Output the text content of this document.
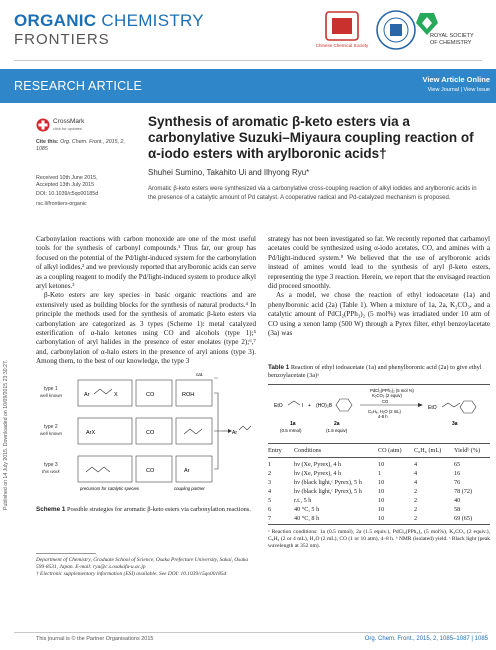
ORGANIC CHEMISTRY
FRONTIERS	Chinese Chemical Society
ROYAL SOCIETY
OF CHEMISTRY
RESEARCH ARTICLE	View Article Online
View Journal | View Issue
Published on 14 July 2015. Downloaded on 10/09/2015 23:30:27.
CrossMark
click for updates
Cite this: Org. Chem. Front., 2015, 2, 1085
Received 10th June 2015,
Accepted 13th July 2015
DOI: 10.1039/c5qo00185d
rsc.li/frontiers-organic
Synthesis of aromatic β-keto esters via a carbonylative Suzuki–Miyaura coupling reaction of α-iodo esters with arylboronic acids†
Shuhei Sumino, Takahito Ui and Ilhyong Ryu*
Aromatic β-keto esters were synthesized via a carbonylative cross-coupling reaction of alkyl iodides and arylboronic acids in the presence of a catalytic amount of Pd catalyst. A cooperative radical and Pd-catalyzed mechanism is proposed.

Carbonylation reactions with carbon monoxide are one of the most useful tools for the synthesis of carbonyl compounds.¹ Thus far, our group has focused on the potential of the Pd/light-induced system for the carbonylation of alkyl iodides,² and we previously reported that arylboronic acids can serve as a coupling reagent to modify the Pd/light-induced system to produce alkyl aryl ketones.³

β-Keto esters are key species in basic organic reactions and are extensively used as building blocks for the synthesis of natural products.⁴ In principle the methods used for the synthesis of aromatic β-keto esters via carbonylation are categorized as 3 types (Scheme 1): metal catalyzed esterification of α-halo ketones using CO and alcohols (type 1);⁵ carbonylation of aryl halides in the presence of ester enolates (type 2);⁶,⁷ and, carbonylation of α-halo esters in the presence of aryl anions (type 3). Among them, to the best of our knowledge, the type 3

strategy has not been investigated so far. We recently reported that carbamoyl acetates could be synthesized using α-iodo acetates, CO, and amines with a Pd/light-induced system.⁸ We believed that the use of arylboronic acids instead of amines would lead to the synthesis of aryl β-keto esters, representing the type 3 reaction. Herein, we report that the envisaged reaction did proceed smoothly.

As a model, we chose the reaction of ethyl iodoacetate (1a) and phenylboronic acid (2a) (Table 1). When a mixture of 1a, 2a, K₂CO₃, and a catalytic amount of PdCl₂(PPh₃)₂ (5 mol%) was irradiated under 10 atm of CO using a xenon lamp (500 W) through a Pyrex filter, ethyl benzoylacetate (3a) was

type 1
well known	Ar	X	CO	ROH
type 2
well known	ArX	CO
type 3
this work	CO	Ar
cat.
Ar
precursors for catalytic species	coupling partner
Scheme 1 Possible strategies for aromatic β-keto esters via carbonylation reactions.
Department of Chemistry, Graduate School of Science, Osaka Prefecture University, Sakai, Osaka 599-8531, Japan. E-mail: ryu@c.s.osakafu-u.ac.jp
† Electronic supplementary information (ESI) available. See DOI: 10.1039/c5qo00185d
Table 1 Reaction of ethyl iodoacetate (1a) and phenylboronic acid (2a) to give ethyl benzoylacetate (3a)ᵃ
EtO	I + (HO)₂B
PdCl₂(PPh₃)₂ (5 mol %)
K₂CO₃ (2 equiv)
CO
C₆H₆, H₂O (2 mL)
4-8 h
EtO
1a
(0.5 mmol)
2a
(1.5 equiv)
3a
Entry	Conditions	CO (atm)	C₆H₆ (mL)	Yieldᵇ (%)
1	hν (Xe, Pyrex), 4 h	10	4	65
2	hν (Xe, Pyrex), 4 h	1	4	16
3	hν (black light,ᶜ Pyrex), 5 h	10	4	76
4	hν (black light,ᶜ Pyrex), 5 h	10	2	78 (72)
5	r.t., 5 h	10	2	40
6	40 °C, 5 h	10	2	58
7	40 °C, 8 h	10	2	69 (65)
ᵃ Reaction conditions: 1a (0.5 mmol), 2a (1.5 equiv.), PdCl₂(PPh₃)₂ (5 mol%), K₂CO₃ (2 equiv.), C₆H₆ (2 or 4 mL), H₂O (2 mL), CO (1 or 10 atm), 4–8 h. ᵇ NMR (isolated) yield. ᶜ Black light (peak wavelength at 352 nm).
This journal is © the Partner Organisations 2015	Org. Chem. Front., 2015, 2, 1085–1087 | 1085
